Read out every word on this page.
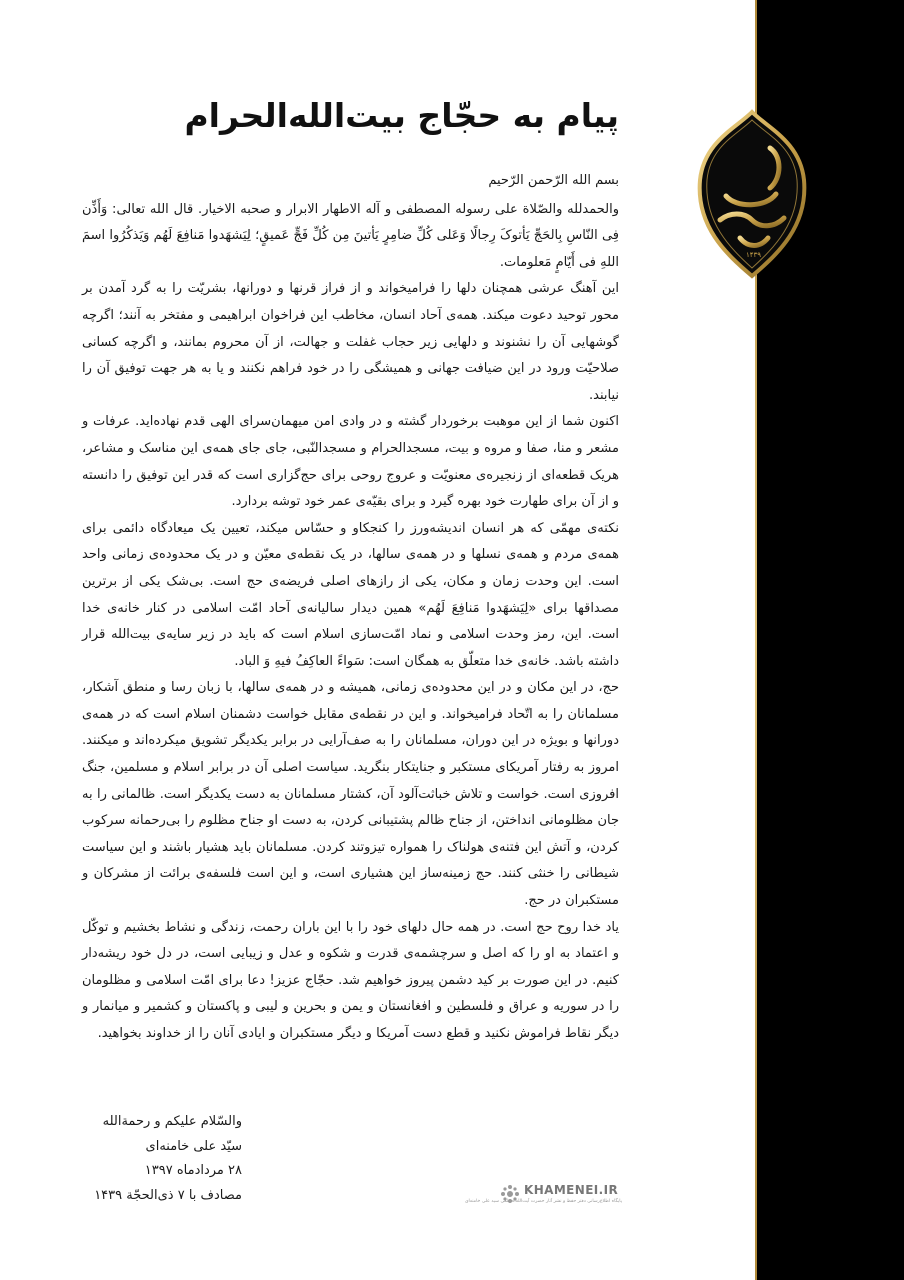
۱۴۳۹
پیام به حجّاج بیت‌الله‌الحرام

بسم الله الرّحمن الرّحیم

والحمدلله والصّلاة علی رسوله المصطفی و آله الاطهار الابرار و صحبه الاخیار. قال الله تعالی: وَأَذِّن فِی النّاسِ بِالحَجِّ یَأتوکَ رِجالًا وَعَلی کُلِّ ضامِرٍ یَأتینَ مِن کُلِّ فَجٍّ عَمیقٍ؛ لِیَشهَدوا مَنافِعَ لَهُم وَیَذکُرُوا اسمَ اللهِ فی أَیّامٍ مَعلومات.

این آهنگ عرشی همچنان دلها را فرامیخواند و از فراز قرنها و دورانها، بشریّت را به گرد آمدن بر محور توحید دعوت میکند. همه‌ی آحاد انسان، مخاطب این فراخوان ابراهیمی و مفتخر به آنند؛ اگرچه گوشهایی آن را نشنوند و دلهایی زیر حجاب غفلت و جهالت، از آن محروم بمانند، و اگرچه کسانی صلاحیّت ورود در این ضیافت جهانی و همیشگی را در خود فراهم نکنند و یا به هر جهت توفیق آن را نیابند.

اکنون شما از این موهبت برخوردار گشته و در وادی امن میهمان‌سرای الهی قدم نهاده‌اید. عرفات و مشعر و منا، صفا و مروه و بیت، مسجدالحرام و مسجدالنّبی، جای جای همه‌ی این مناسک و مشاعر، هریک قطعه‌ای از زنجیره‌ی معنویّت و عروج روحی برای حج‌گزاری است که قدر این توفیق را دانسته و از آن برای طهارت خود بهره گیرد و برای بقیّه‌ی عمر خود توشه بردارد.

نکته‌ی مهمّی که هر انسان اندیشه‌ورز را کنجکاو و حسّاس میکند، تعیین یک میعادگاه دائمی برای همه‌ی مردم و همه‌ی نسلها و در همه‌ی سالها، در یک نقطه‌ی معیّن و در یک محدوده‌ی زمانی واحد است. این وحدت زمان و مکان، یکی از رازهای اصلی فریضه‌ی حج است. بی‌شک یکی از برترین مصداقها برای «لِیَشهَدوا مَنافِعَ لَهُم» همین دیدار سالیانه‌ی آحاد امّت اسلامی در کنار خانه‌ی خدا است. این، رمز وحدت اسلامی و نماد امّت‌سازی اسلام است که باید در زیر سایه‌ی بیت‌الله قرار داشته باشد. خانه‌ی خدا متعلّق به همگان است: سَواءً العاکِفُ فیهِ وَ الباد.

حج، در این مکان و در این محدوده‌ی زمانی، همیشه و در همه‌ی سالها، با زبان رسا و منطق آشکار، مسلمانان را به اتّحاد فرامیخواند. و این در نقطه‌ی مقابل خواست دشمنان اسلام است که در همه‌ی دورانها و بویژه در این دوران، مسلمانان را به صف‌آرایی در برابر یکدیگر تشویق میکرده‌اند و میکنند. امروز به رفتار آمریکای مستکبر و جنایتکار بنگرید. سیاست اصلی آن در برابر اسلام و مسلمین، جنگ افروزی است. خواست و تلاش خباثت‌آلود آن، کشتار مسلمانان به دست یکدیگر است. ظالمانی را به جان مظلومانی انداختن، از جناح ظالم پشتیبانی کردن، به دست او جناح مظلوم را بی‌رحمانه سرکوب کردن، و آتش این فتنه‌ی هولناک را همواره تیزوتند کردن. مسلمانان باید هشیار باشند و این سیاست شیطانی را خنثی کنند. حج زمینه‌ساز این هشیاری است، و این است فلسفه‌ی برائت از مشرکان و مستکبران در حج.

یاد خدا روح حج است. در همه حال دلهای خود را با این باران رحمت، زندگی و نشاط بخشیم و توکّل و اعتماد به او را که اصل و سرچشمه‌ی قدرت و شکوه و عدل و زیبایی است، در دل خود ریشه‌دار کنیم. در این صورت بر کید دشمن پیروز خواهیم شد. حجّاج عزیز! دعا برای امّت اسلامی و مظلومان را در سوریه و عراق و فلسطین و افغانستان و یمن و بحرین و لیبی و پاکستان و کشمیر و میانمار و دیگر نقاط فراموش نکنید و قطع دست آمریکا و دیگر مستکبران و ایادی آنان را از خداوند بخواهید.

والسّلام علیکم و رحمة‌الله
سیّد علی خامنه‌ای
۲۸ مردادماه ۱۳۹۷
مصادف با ۷ ذی‌الحجّة ۱۴۳۹	KHAMENEI.IR
پایگاه اطلاع‌رسانی دفتر حفظ و نشر آثار حضرت آیت‌الله‌العظمی سید علی خامنه‌ای
